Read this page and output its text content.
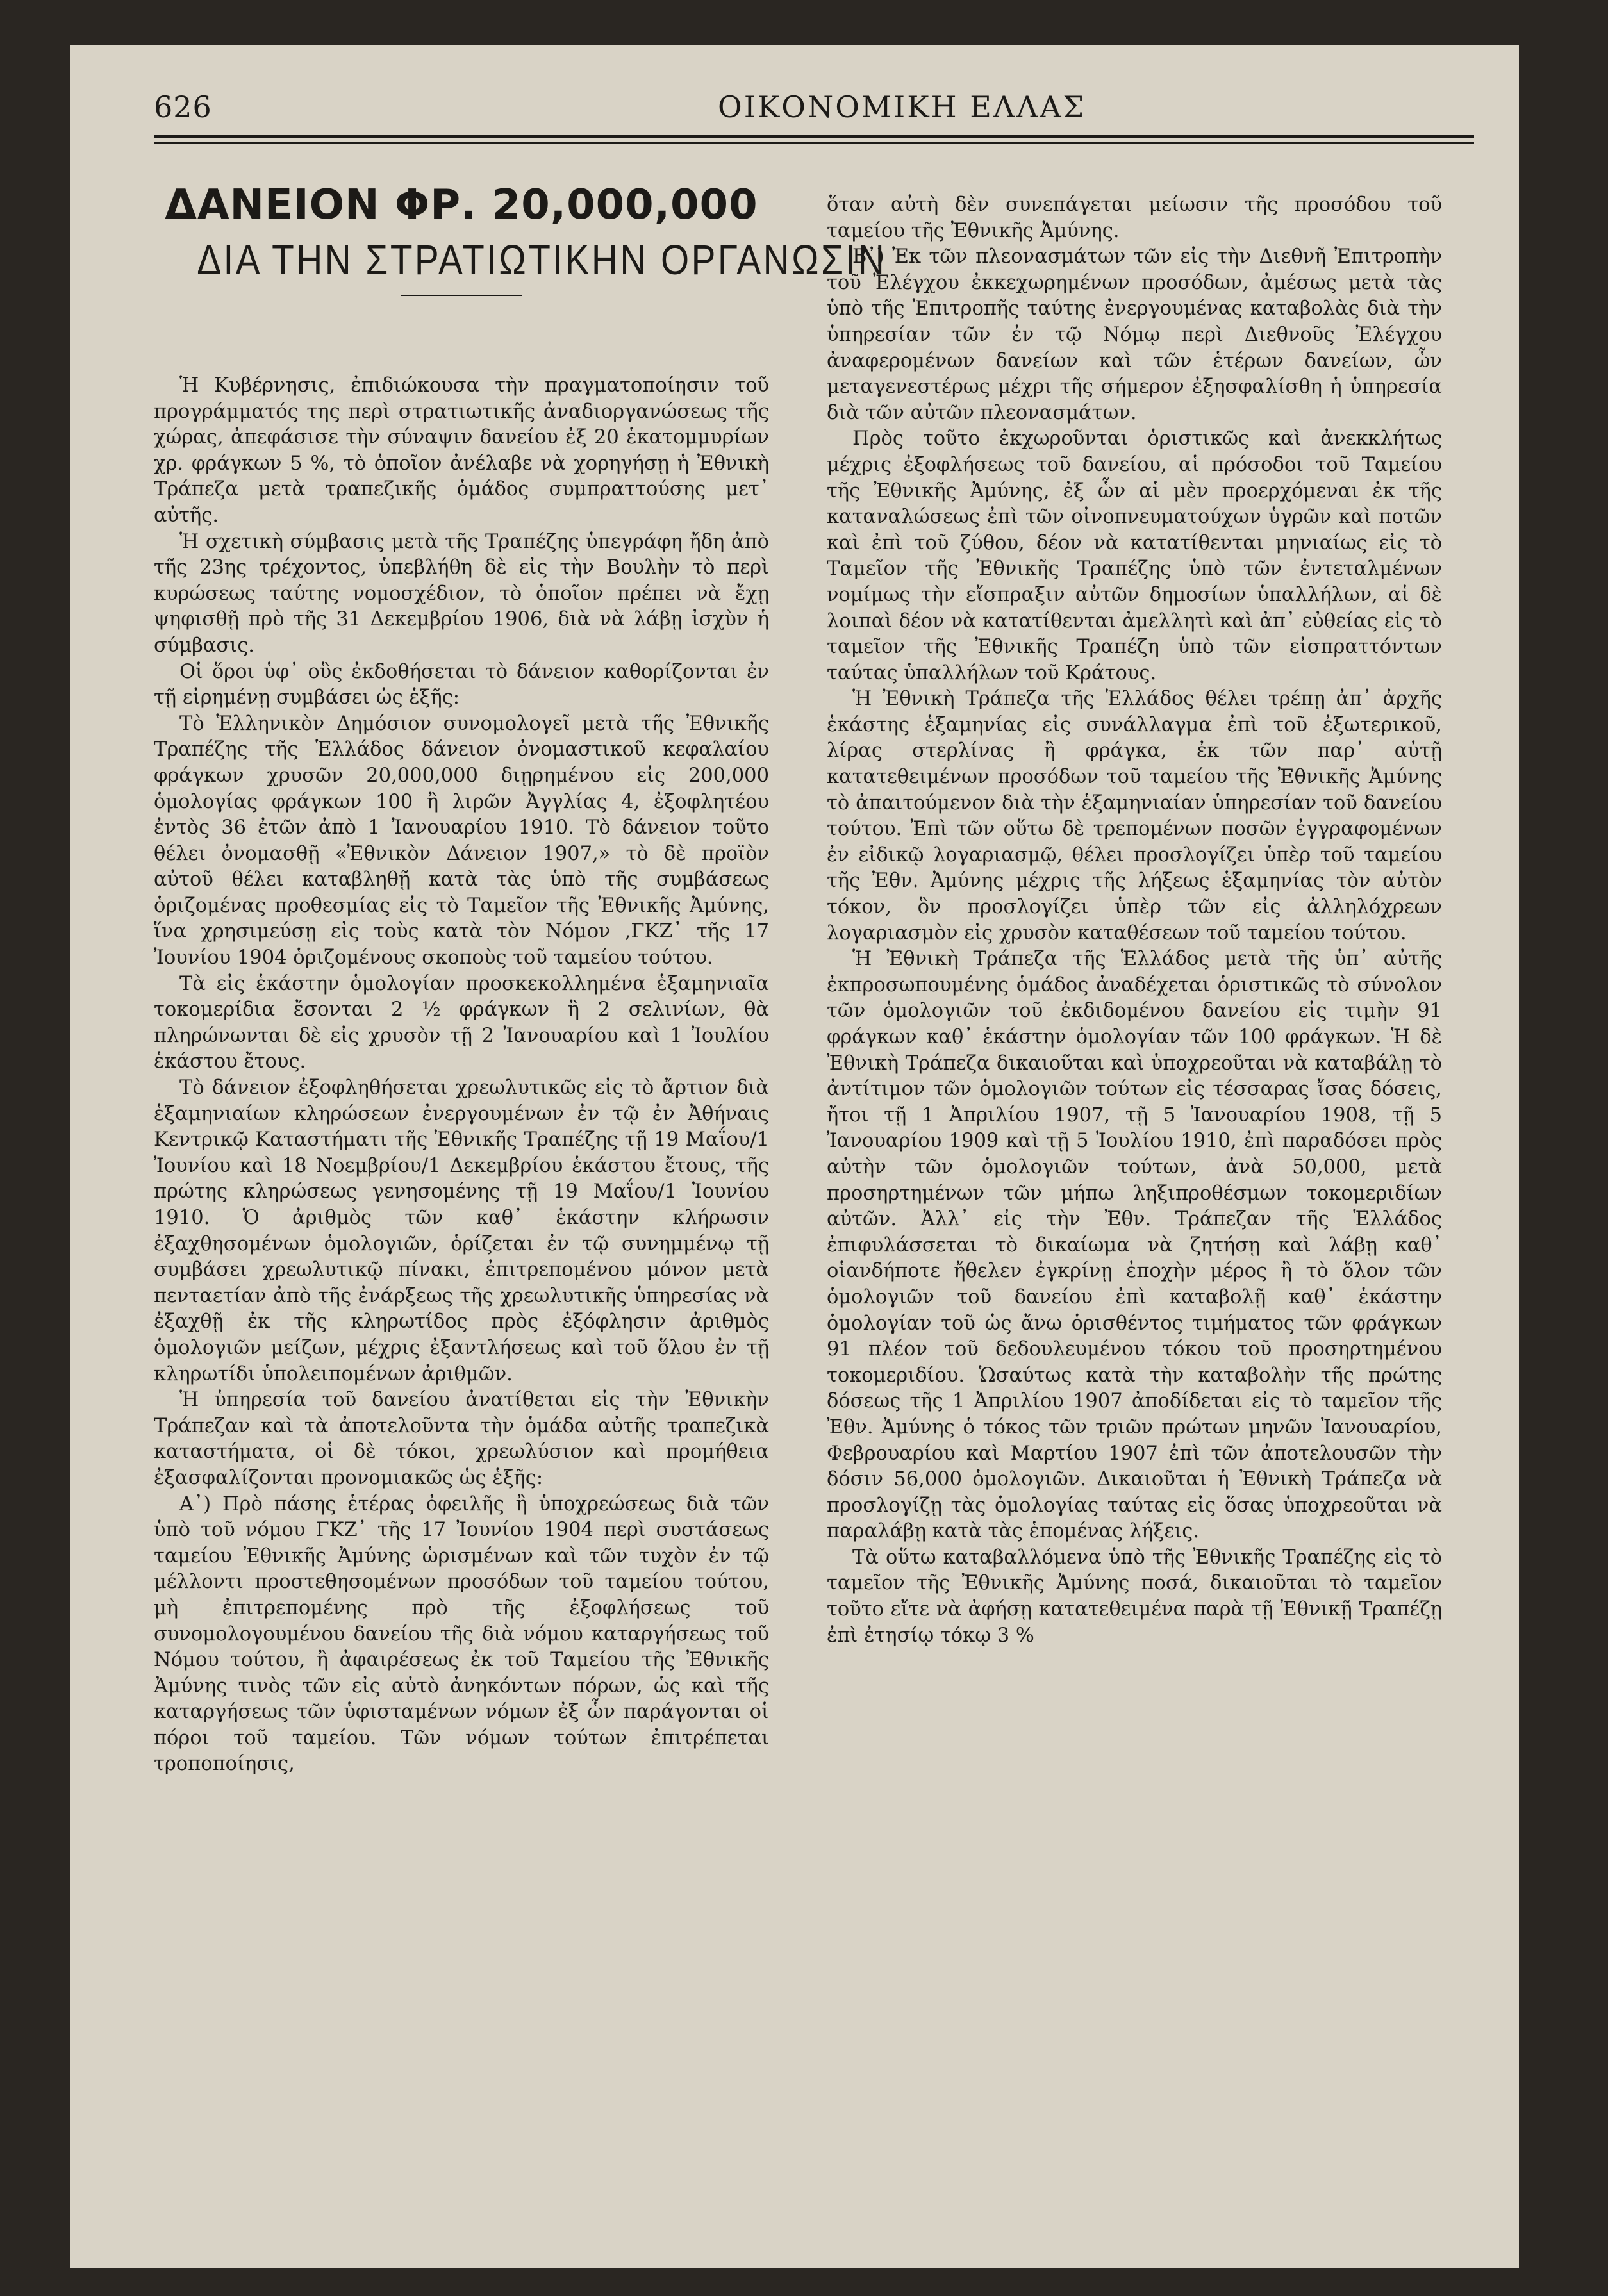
626	ΟΙΚΟΝΟΜΙΚΗ ΕΛΛΑΣ
ΔΑΝΕΙΟΝ ΦΡ. 20,000,000
ΔΙΑ ΤΗΝ ΣΤΡΑΤΙΩΤΙΚΗΝ ΟΡΓΑΝΩΣΙΝ

Ἡ Κυβέρνησις, ἐπιδιώκουσα τὴν πραγματοποίησιν τοῦ προγράμματός της περὶ στρατιωτικῆς ἀναδιοργανώσεως τῆς χώρας, ἀπεφάσισε τὴν σύναψιν δανείου ἐξ 20 ἑκατομμυρίων χρ. φράγκων 5 %, τὸ ὁποῖον ἀνέλαβε νὰ χορηγήσῃ ἡ Ἐθνικὴ Τράπεζα μετὰ τραπεζικῆς ὁμάδος συμπραττούσης μετ᾽ αὐτῆς.

Ἡ σχετικὴ σύμβασις μετὰ τῆς Τραπέζης ὑπεγράφη ἤδη ἀπὸ τῆς 23ης τρέχοντος, ὑπεβλήθη δὲ εἰς τὴν Βουλὴν τὸ περὶ κυρώσεως ταύτης νομοσχέδιον, τὸ ὁποῖον πρέπει νὰ ἔχῃ ψηφισθῇ πρὸ τῆς 31 Δεκεμβρίου 1906, διὰ νὰ λάβῃ ἰσχὺν ἡ σύμβασις.

Οἱ ὅροι ὑφ᾽ οὓς ἐκδοθήσεται τὸ δάνειον καθορίζονται ἐν τῇ εἰρημένῃ συμβάσει ὡς ἑξῆς:

Τὸ Ἑλληνικὸν Δημόσιον συνομολογεῖ μετὰ τῆς Ἐθνικῆς Τραπέζης τῆς Ἑλλάδος δάνειον ὀνομαστικοῦ κεφαλαίου φράγκων χρυσῶν 20,000,000 διῃρημένου εἰς 200,000 ὁμολογίας φράγκων 100 ἢ λιρῶν Ἀγγλίας 4, ἐξοφλητέου ἐντὸς 36 ἐτῶν ἀπὸ 1 Ἰανουαρίου 1910. Τὸ δάνειον τοῦτο θέλει ὀνομασθῇ «Ἐθνικὸν Δάνειον 1907,» τὸ δὲ προϊὸν αὐτοῦ θέλει καταβληθῇ κατὰ τὰς ὑπὸ τῆς συμβάσεως ὁριζομένας προθεσμίας εἰς τὸ Ταμεῖον τῆς Ἐθνικῆς Ἀμύνης, ἵνα χρησιμεύσῃ εἰς τοὺς κατὰ τὸν Νόμον ,ΓΚΖ᾽ τῆς 17 Ἰουνίου 1904 ὁριζομένους σκοποὺς τοῦ ταμείου τούτου.

Τὰ εἰς ἑκάστην ὁμολογίαν προσκεκολλημένα ἑξαμηνιαῖα τοκομερίδια ἔσονται 2 ½ φράγκων ἢ 2 σελινίων, θὰ πληρώνωνται δὲ εἰς χρυσὸν τῇ 2 Ἰανουαρίου καὶ 1 Ἰουλίου ἑκάστου ἔτους.

Τὸ δάνειον ἐξοφληθήσεται χρεωλυτικῶς εἰς τὸ ἄρτιον διὰ ἑξαμηνιαίων κληρώσεων ἐνεργουμένων ἐν τῷ ἐν Ἀθήναις Κεντρικῷ Καταστήματι τῆς Ἐθνικῆς Τραπέζης τῇ 19 Μαΐου/1 Ἰουνίου καὶ 18 Νοεμβρίου/1 Δεκεμβρίου ἑκάστου ἔτους, τῆς πρώτης κληρώσεως γενησομένης τῇ 19 Μαΐου/1 Ἰουνίου 1910. Ὁ ἀριθμὸς τῶν καθ᾽ ἑκάστην κλήρωσιν ἐξαχθησομένων ὁμολογιῶν, ὁρίζεται ἐν τῷ συνημμένῳ τῇ συμβάσει χρεωλυτικῷ πίνακι, ἐπιτρεπομένου μόνον μετὰ πενταετίαν ἀπὸ τῆς ἐνάρξεως τῆς χρεωλυτικῆς ὑπηρεσίας νὰ ἐξαχθῇ ἐκ τῆς κληρωτίδος πρὸς ἐξόφλησιν ἀριθμὸς ὁμολογιῶν μείζων, μέχρις ἐξαντλήσεως καὶ τοῦ ὅλου ἐν τῇ κληρωτίδι ὑπολειπομένων ἀριθμῶν.

Ἡ ὑπηρεσία τοῦ δανείου ἀνατίθεται εἰς τὴν Ἐθνικὴν Τράπεζαν καὶ τὰ ἀποτελοῦντα τὴν ὁμάδα αὐτῆς τραπεζικὰ καταστήματα, οἱ δὲ τόκοι, χρεωλύσιον καὶ προμήθεια ἐξασφαλίζονται προνομιακῶς ὡς ἑξῆς:

Α᾽) Πρὸ πάσης ἑτέρας ὀφειλῆς ἢ ὑποχρεώσεως διὰ τῶν ὑπὸ τοῦ νόμου ΓΚΖ᾽ τῆς 17 Ἰουνίου 1904 περὶ συστάσεως ταμείου Ἐθνικῆς Ἀμύνης ὡρισμένων καὶ τῶν τυχὸν ἐν τῷ μέλλοντι προστεθησομένων προσόδων τοῦ ταμείου τούτου, μὴ ἐπιτρεπομένης πρὸ τῆς ἐξοφλήσεως τοῦ συνομολογουμένου δανείου τῆς διὰ νόμου καταργήσεως τοῦ Νόμου τούτου, ἢ ἀφαιρέσεως ἐκ τοῦ Ταμείου τῆς Ἐθνικῆς Ἀμύνης τινὸς τῶν εἰς αὐτὸ ἀνηκόντων πόρων, ὡς καὶ τῆς καταργήσεως τῶν ὑφισταμένων νόμων ἐξ ὧν παράγονται οἱ πόροι τοῦ ταμείου. Τῶν νόμων τούτων ἐπιτρέπεται τροποποίησις,

ὅταν αὐτὴ δὲν συνεπάγεται μείωσιν τῆς προσόδου τοῦ ταμείου τῆς Ἐθνικῆς Ἀμύνης.

Β᾽) Ἐκ τῶν πλεονασμάτων τῶν εἰς τὴν Διεθνῆ Ἐπιτροπὴν τοῦ Ἐλέγχου ἐκκεχωρημένων προσόδων, ἀμέσως μετὰ τὰς ὑπὸ τῆς Ἐπιτροπῆς ταύτης ἐνεργουμένας καταβολὰς διὰ τὴν ὑπηρεσίαν τῶν ἐν τῷ Νόμῳ περὶ Διεθνοῦς Ἐλέγχου ἀναφερομένων δανείων καὶ τῶν ἑτέρων δανείων, ὧν μεταγενεστέρως μέχρι τῆς σήμερον ἐξησφαλίσθη ἡ ὑπηρεσία διὰ τῶν αὐτῶν πλεονασμάτων.

Πρὸς τοῦτο ἐκχωροῦνται ὁριστικῶς καὶ ἀνεκκλήτως μέχρις ἐξοφλήσεως τοῦ δανείου, αἱ πρόσοδοι τοῦ Ταμείου τῆς Ἐθνικῆς Ἀμύνης, ἐξ ὧν αἱ μὲν προερχόμεναι ἐκ τῆς καταναλώσεως ἐπὶ τῶν οἰνοπνευματούχων ὑγρῶν καὶ ποτῶν καὶ ἐπὶ τοῦ ζύθου, δέον νὰ κατατίθενται μηνιαίως εἰς τὸ Ταμεῖον τῆς Ἐθνικῆς Τραπέζης ὑπὸ τῶν ἐντεταλμένων νομίμως τὴν εἴσπραξιν αὐτῶν δημοσίων ὑπαλλήλων, αἱ δὲ λοιπαὶ δέον νὰ κατατίθενται ἀμελλητὶ καὶ ἀπ᾽ εὐθείας εἰς τὸ ταμεῖον τῆς Ἐθνικῆς Τραπέζη ὑπὸ τῶν εἰσπραττόντων ταύτας ὑπαλλήλων τοῦ Κράτους.

Ἡ Ἐθνικὴ Τράπεζα τῆς Ἑλλάδος θέλει τρέπῃ ἀπ᾽ ἀρχῆς ἑκάστης ἑξαμηνίας εἰς συνάλλαγμα ἐπὶ τοῦ ἐξωτερικοῦ, λίρας στερλίνας ἢ φράγκα, ἐκ τῶν παρ᾽ αὐτῇ κατατεθειμένων προσόδων τοῦ ταμείου τῆς Ἐθνικῆς Ἀμύνης τὸ ἀπαιτούμενον διὰ τὴν ἑξαμηνιαίαν ὑπηρεσίαν τοῦ δανείου τούτου. Ἐπὶ τῶν οὕτω δὲ τρεπομένων ποσῶν ἐγγραφομένων ἐν εἰδικῷ λογαριασμῷ, θέλει προσλογίζει ὑπὲρ τοῦ ταμείου τῆς Ἐθν. Ἀμύνης μέχρις τῆς λήξεως ἑξαμηνίας τὸν αὐτὸν τόκον, ὃν προσλογίζει ὑπὲρ τῶν εἰς ἀλληλόχρεων λογαριασμὸν εἰς χρυσὸν καταθέσεων τοῦ ταμείου τούτου.

Ἡ Ἐθνικὴ Τράπεζα τῆς Ἑλλάδος μετὰ τῆς ὑπ᾽ αὐτῆς ἐκπροσωπουμένης ὁμάδος ἀναδέχεται ὁριστικῶς τὸ σύνολον τῶν ὁμολογιῶν τοῦ ἐκδιδομένου δανείου εἰς τιμὴν 91 φράγκων καθ᾽ ἑκάστην ὁμολογίαν τῶν 100 φράγκων. Ἡ δὲ Ἐθνικὴ Τράπεζα δικαιοῦται καὶ ὑποχρεοῦται νὰ καταβάλῃ τὸ ἀντίτιμον τῶν ὁμολογιῶν τούτων εἰς τέσσαρας ἴσας δόσεις, ἤτοι τῇ 1 Ἀπριλίου 1907, τῇ 5 Ἰανουαρίου 1908, τῇ 5 Ἰανουαρίου 1909 καὶ τῇ 5 Ἰουλίου 1910, ἐπὶ παραδόσει πρὸς αὐτὴν τῶν ὁμολογιῶν τούτων, ἀνὰ 50,000, μετὰ προσηρτημένων τῶν μήπω ληξιπροθέσμων τοκομεριδίων αὐτῶν. Ἀλλ᾽ εἰς τὴν Ἐθν. Τράπεζαν τῆς Ἑλλάδος ἐπιφυλάσσεται τὸ δικαίωμα νὰ ζητήσῃ καὶ λάβῃ καθ᾽ οἱανδήποτε ἤθελεν ἐγκρίνῃ ἐποχὴν μέρος ἢ τὸ ὅλον τῶν ὁμολογιῶν τοῦ δανείου ἐπὶ καταβολῇ καθ᾽ ἑκάστην ὁμολογίαν τοῦ ὡς ἄνω ὁρισθέντος τιμήματος τῶν φράγκων 91 πλέον τοῦ δεδουλευμένου τόκου τοῦ προσηρτημένου τοκομεριδίου. Ὡσαύτως κατὰ τὴν καταβολὴν τῆς πρώτης δόσεως τῆς 1 Ἀπριλίου 1907 ἀποδίδεται εἰς τὸ ταμεῖον τῆς Ἐθν. Ἀμύνης ὁ τόκος τῶν τριῶν πρώτων μηνῶν Ἰανουαρίου, Φεβρουαρίου καὶ Μαρτίου 1907 ἐπὶ τῶν ἀποτελουσῶν τὴν δόσιν 56,000 ὁμολογιῶν. Δικαιοῦται ἡ Ἐθνικὴ Τράπεζα νὰ προσλογίζῃ τὰς ὁμολογίας ταύτας εἰς ὅσας ὑποχρεοῦται νὰ παραλάβῃ κατὰ τὰς ἑπομένας λήξεις.

Τὰ οὕτω καταβαλλόμενα ὑπὸ τῆς Ἐθνικῆς Τραπέζης εἰς τὸ ταμεῖον τῆς Ἐθνικῆς Ἀμύνης ποσά, δικαιοῦται τὸ ταμεῖον τοῦτο εἴτε νὰ ἀφήσῃ κατατεθειμένα παρὰ τῇ Ἐθνικῇ Τραπέζῃ ἐπὶ ἐτησίῳ τόκῳ 3 %
